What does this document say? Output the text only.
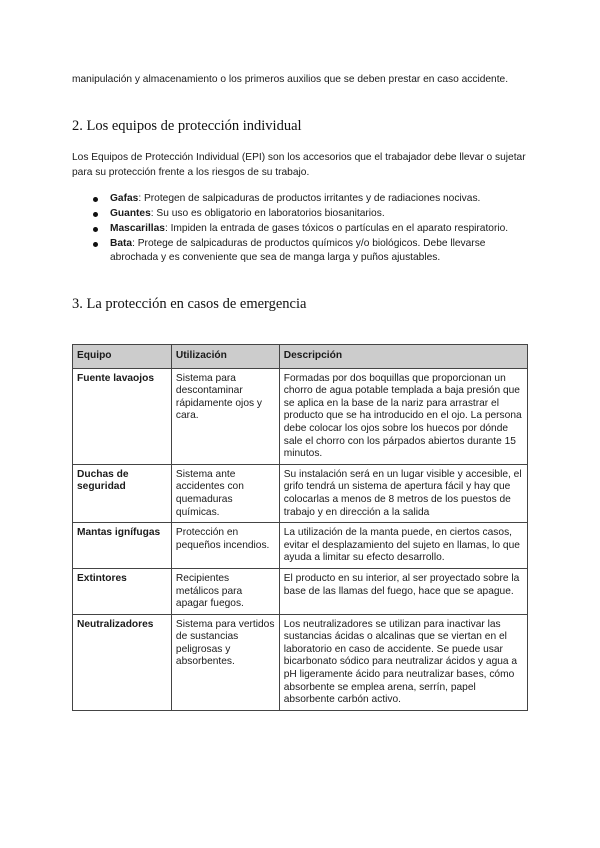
manipulación y almacenamiento o los primeros auxilios que se deben prestar en caso accidente.

2. Los equipos de protección individual

Los Equipos de Protección Individual (EPI) son los accesorios que el trabajador debe llevar o sujetar para su protección frente a los riesgos de su trabajo.

Gafas: Protegen de salpicaduras de productos irritantes y de radiaciones nocivas.
Guantes: Su uso es obligatorio en laboratorios biosanitarios.
Mascarillas: Impiden la entrada de gases tóxicos o partículas en el aparato respiratorio.
Bata: Protege de salpicaduras de productos químicos y/o biológicos. Debe llevarse abrochada y es conveniente que sea de manga larga y puños ajustables.
3. La protección en casos de emergencia
Equipo	Utilización	Descripción
Fuente lavaojos	Sistema para descontaminar rápidamente ojos y cara.	Formadas por dos boquillas que proporcionan un chorro de agua potable templada a baja presión que se aplica en la base de la nariz para arrastrar el producto que se ha introducido en el ojo. La persona debe colocar los ojos sobre los huecos por dónde sale el chorro con los párpados abiertos durante 15 minutos.
Duchas de seguridad	Sistema ante accidentes con quemaduras químicas.	Su instalación será en un lugar visible y accesible, el grifo tendrá un sistema de apertura fácil y hay que colocarlas a menos de 8 metros de los puestos de trabajo y en dirección a la salida
Mantas ignífugas	Protección en pequeños incendios.	La utilización de la manta puede, en ciertos casos, evitar el desplazamiento del sujeto en llamas, lo que ayuda a limitar su efecto desarrollo.
Extintores	Recipientes metálicos para apagar fuegos.	El producto en su interior, al ser proyectado sobre la base de las llamas del fuego, hace que se apague.
Neutralizadores	Sistema para vertidos de sustancias peligrosas y absorbentes.	Los neutralizadores se utilizan para inactivar las sustancias ácidas o alcalinas que se viertan en el laboratorio en caso de accidente. Se puede usar bicarbonato sódico para neutralizar ácidos y agua a pH ligeramente ácido para neutralizar bases, cómo absorbente se emplea arena, serrín, papel absorbente carbón activo.
